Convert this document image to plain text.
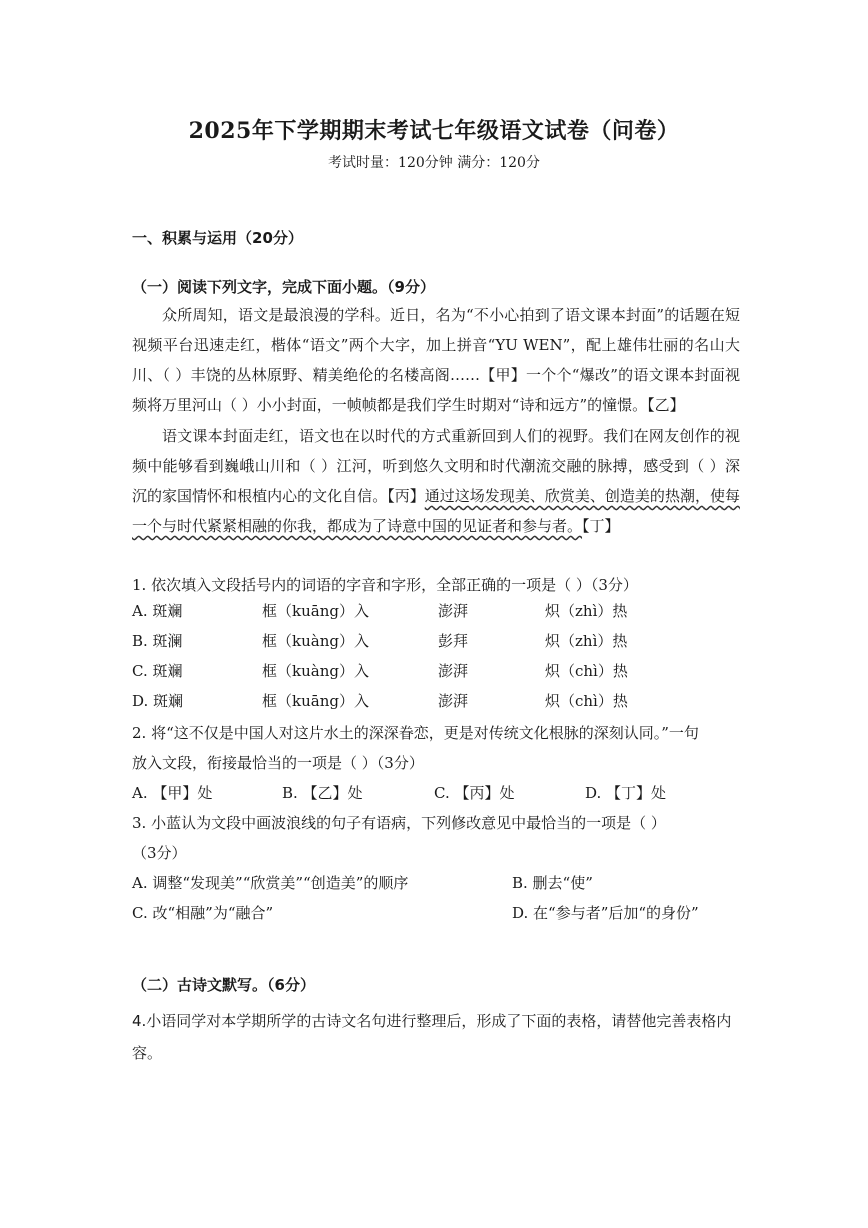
2025年下学期期末考试七年级语文试卷（问卷）
考试时量：120分钟 满分：120分
一、积累与运用（20分）
（一）阅读下列文字，完成下面小题。（9分）
众所周知，语文是最浪漫的学科。近日，名为“不小心拍到了语文课本封面”的话题在短视频平台迅速走红，楷体“语文”两个大字，加上拼音“YU WEN”，配上雄伟壮丽的名山大川、（ ）丰饶的丛林原野、精美绝伦的名楼高阁……【甲】一个个“爆改”的语文课本封面视频将万里河山（ ）小小封面，一帧帧都是我们学生时期对“诗和远方”的憧憬。【乙】
语文课本封面走红，语文也在以时代的方式重新回到人们的视野。我们在网友创作的视频中能够看到巍峨山川和（ ）江河，听到悠久文明和时代潮流交融的脉搏，感受到（ ）深沉的家国情怀和根植内心的文化自信。【丙】通过这场发现美、欣赏美、创造美的热潮，使每一个与时代紧紧相融的你我，都成为了诗意中国的见证者和参与者。【丁】
1. 依次填入文段括号内的词语的字音和字形，全部正确的一项是（ ）（3分）
A. 斑斓	框（kuāng）入	澎湃	炽（zhì）热
B. 斑澜	框（kuàng）入	彭拜	炽（zhì）热
C. 斑斓	框（kuàng）入	澎湃	炽（chì）热
D. 斑斓	框（kuāng）入	澎湃	炽（chì）热
2. 将“这不仅是中国人对这片水土的深深眷恋，更是对传统文化根脉的深刻认同。”一句
放入文段，衔接最恰当的一项是（ ）（3分）
A. 【甲】处	B. 【乙】处	C. 【丙】处	D. 【丁】处
3. 小蓝认为文段中画波浪线的句子有语病，下列修改意见中最恰当的一项是（ ）
（3分）
A. 调整“发现美”“欣赏美”“创造美”的顺序	B. 删去“使”
C. 改“相融”为“融合”	D. 在“参与者”后加“的身份”
（二）古诗文默写。（6分）
4.小语同学对本学期所学的古诗文名句进行整理后，形成了下面的表格，请替他完善表格内
容。
